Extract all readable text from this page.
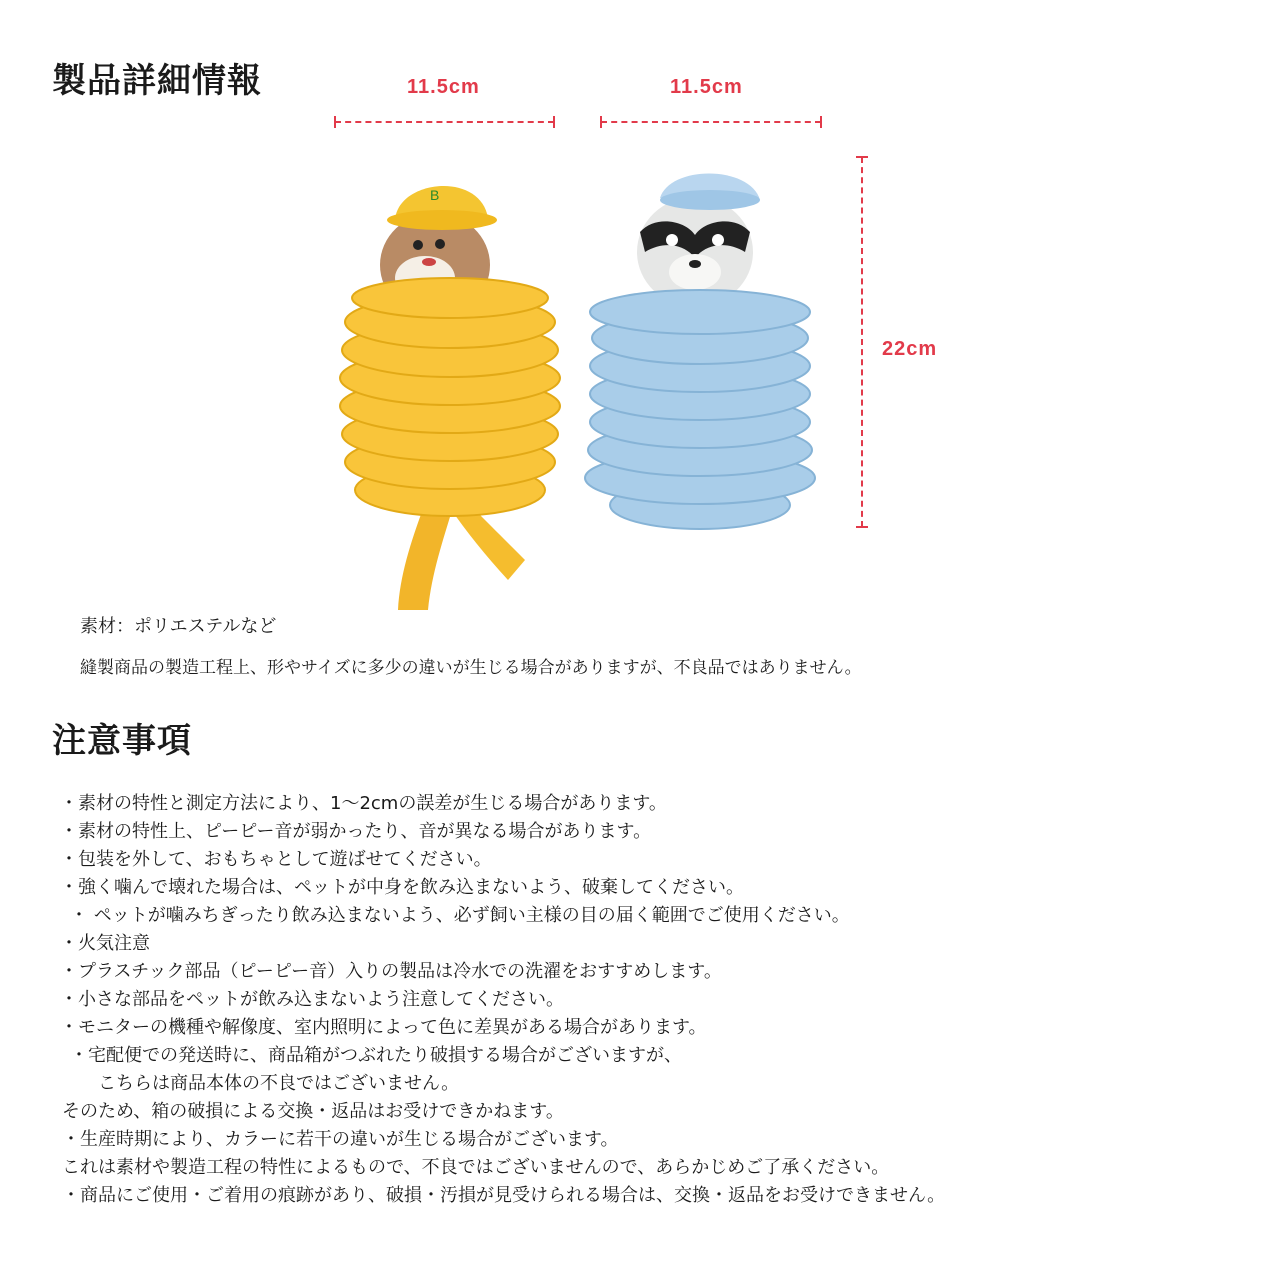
製品詳細情報	11.5cm	11.5cm
22cm
B
素材：ポリエステルなど
縫製商品の製造工程上、形やサイズに多少の違いが生じる場合がありますが、不良品ではありません。
注意事項
・素材の特性と測定方法により、1～2cmの誤差が生じる場合があります。
・素材の特性上、ピーピー音が弱かったり、音が異なる場合があります。
・包装を外して、おもちゃとして遊ばせてください。
・強く噛んで壊れた場合は、ペットが中身を飲み込まないよう、破棄してください。
・ ペットが噛みちぎったり飲み込まないよう、必ず飼い主様の目の届く範囲でご使用ください。
・火気注意
・プラスチック部品（ピーピー音）入りの製品は冷水での洗濯をおすすめします。
・小さな部品をペットが飲み込まないよう注意してください。
・モニターの機種や解像度、室内照明によって色に差異がある場合があります。
・宅配便での発送時に、商品箱がつぶれたり破損する場合がございますが、
こちらは商品本体の不良ではございません。
そのため、箱の破損による交換・返品はお受けできかねます。
・生産時期により、カラーに若干の違いが生じる場合がございます。
これは素材や製造工程の特性によるもので、不良ではございませんので、あらかじめご了承ください。
・商品にご使用・ご着用の痕跡があり、破損・汚損が見受けられる場合は、交換・返品をお受けできません。
